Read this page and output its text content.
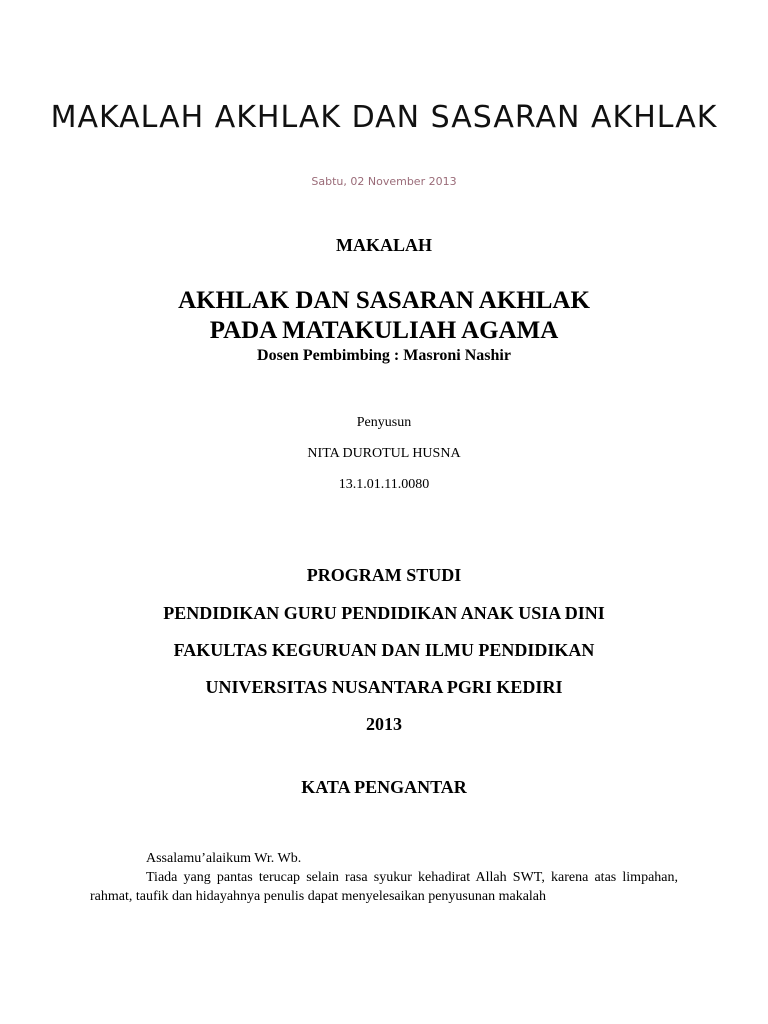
MAKALAH AKHLAK DAN SASARAN AKHLAK
Sabtu, 02 November 2013
MAKALAH
AKHLAK DAN SASARAN AKHLAK PADA MATAKULIAH AGAMA
Dosen Pembimbing : Masroni Nashir
Penyusun
NITA DUROTUL HUSNA
13.1.01.11.0080
PROGRAM STUDI
PENDIDIKAN GURU PENDIDIKAN ANAK USIA DINI
FAKULTAS KEGURUAN DAN ILMU PENDIDIKAN
UNIVERSITAS NUSANTARA PGRI KEDIRI
2013
KATA PENGANTAR

Assalamu’alaikum Wr. Wb.

Tiada yang pantas terucap selain rasa syukur kehadirat Allah SWT, karena atas limpahan, rahmat, taufik dan hidayahnya penulis dapat menyelesaikan penyusunan makalah
